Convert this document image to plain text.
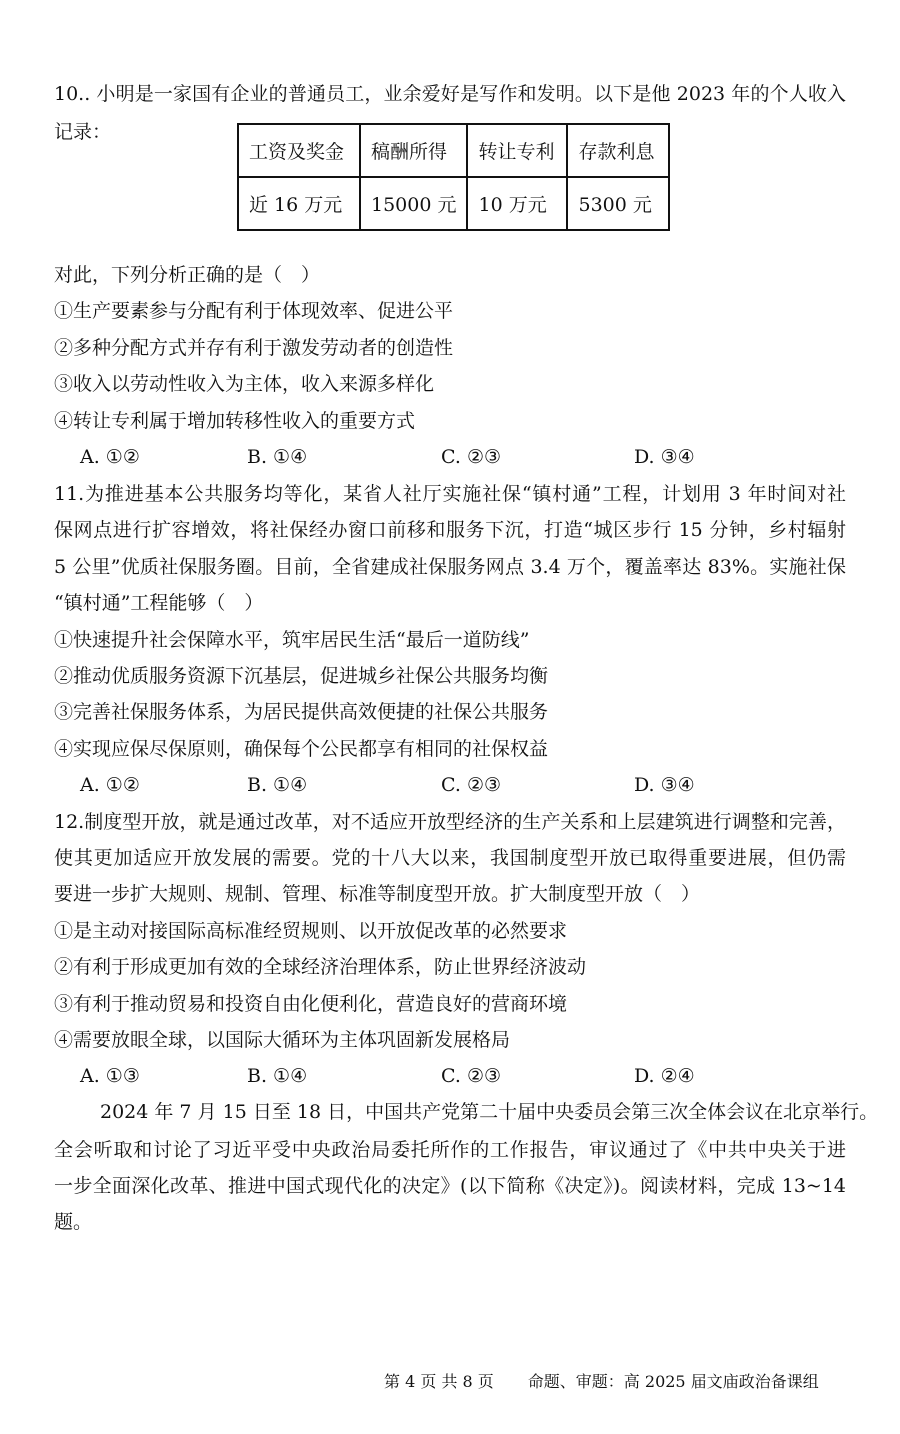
10.. 小明是一家国有企业的普通员工，业余爱好是写作和发明。以下是他 2023 年的个人收入
记录：
工资及奖金	稿酬所得	转让专利	存款利息
近 16 万元	15000 元	10 万元	5300 元
对此，下列分析正确的是（　）
①生产要素参与分配有利于体现效率、促进公平
②多种分配方式并存有利于激发劳动者的创造性
③收入以劳动性收入为主体，收入来源多样化
④转让专利属于增加转移性收入的重要方式
A. ①②	B. ①④	C. ②③	D. ③④
11.为推进基本公共服务均等化，某省人社厅实施社保“镇村通”工程，计划用 3 年时间对社
保网点进行扩容增效，将社保经办窗口前移和服务下沉，打造“城区步行 15 分钟，乡村辐射
5 公里”优质社保服务圈。目前，全省建成社保服务网点 3.4 万个，覆盖率达 83%。实施社保
“镇村通”工程能够（　）
①快速提升社会保障水平，筑牢居民生活“最后一道防线”
②推动优质服务资源下沉基层，促进城乡社保公共服务均衡
③完善社保服务体系，为居民提供高效便捷的社保公共服务
④实现应保尽保原则，确保每个公民都享有相同的社保权益
A. ①②	B. ①④	C. ②③	D. ③④
12.制度型开放，就是通过改革，对不适应开放型经济的生产关系和上层建筑进行调整和完善，
使其更加适应开放发展的需要。党的十八大以来，我国制度型开放已取得重要进展，但仍需
要进一步扩大规则、规制、管理、标准等制度型开放。扩大制度型开放（　）
①是主动对接国际高标准经贸规则、以开放促改革的必然要求
②有利于形成更加有效的全球经济治理体系，防止世界经济波动
③有利于推动贸易和投资自由化便利化，营造良好的营商环境
④需要放眼全球，以国际大循环为主体巩固新发展格局
A. ①③	B. ①④	C. ②③	D. ②④
2024 年 7 月 15 日至 18 日，中国共产党第二十届中央委员会第三次全体会议在北京举行。
全会听取和讨论了习近平受中央政治局委托所作的工作报告，审议通过了《中共中央关于进
一步全面深化改革、推进中国式现代化的决定》(以下简称《决定》)。阅读材料，完成 13~14
题。
第 4 页 共 8 页 命题、审题：高 2025 届文庙政治备课组
